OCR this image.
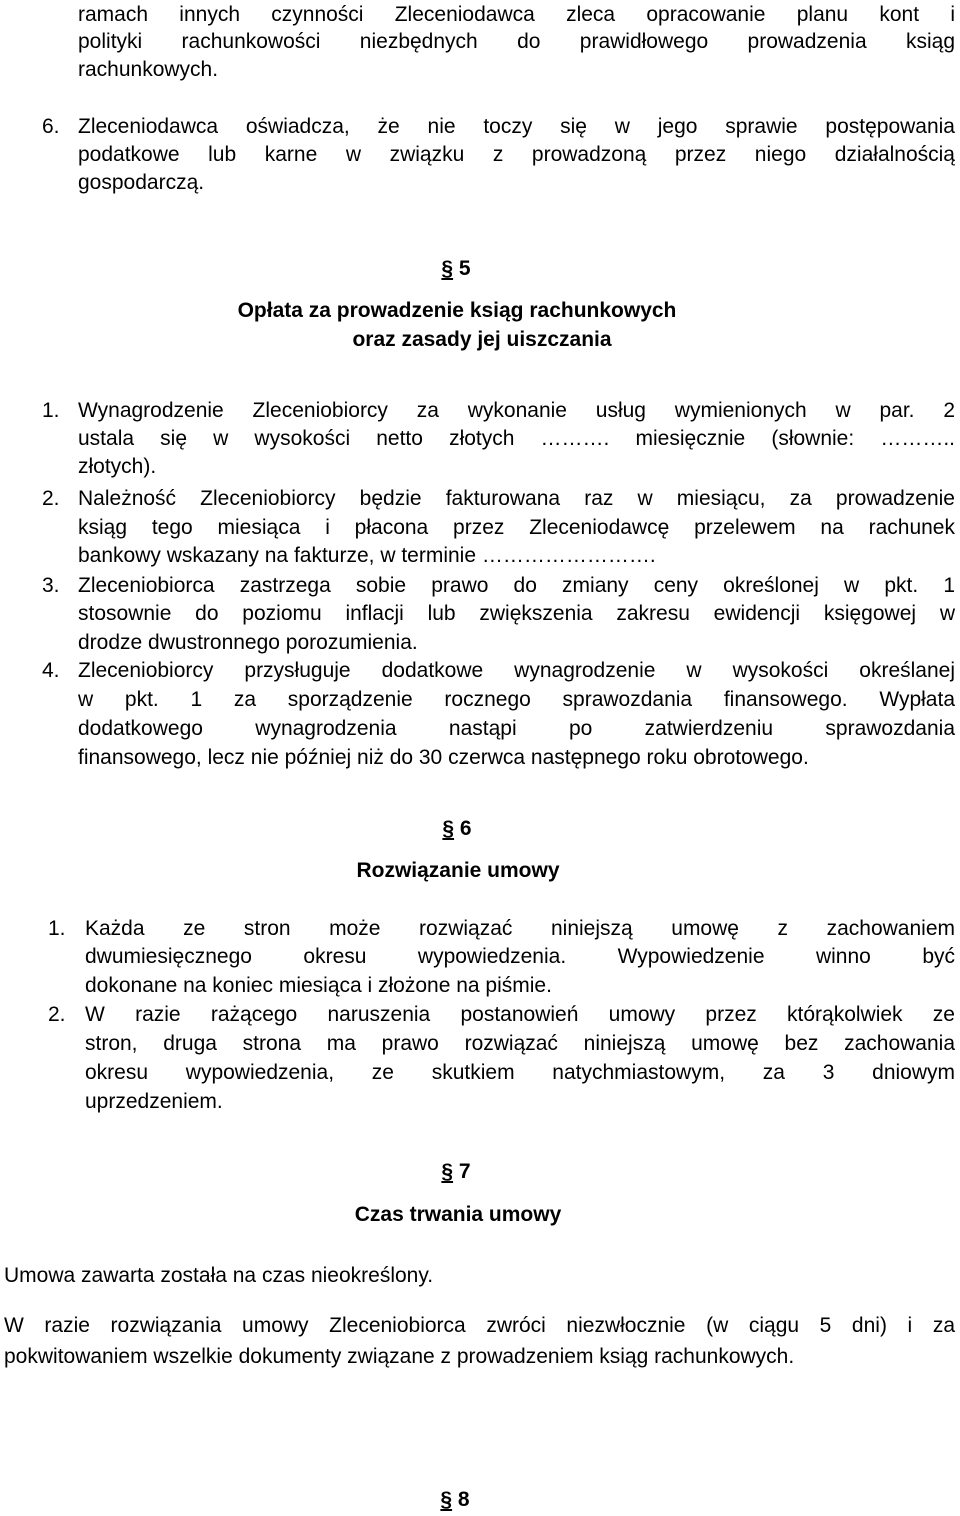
ramach innych czynności Zleceniodawca zleca opracowanie planu kont i

polityki rachunkowości niezbędnych do prawidłowego prowadzenia ksiąg

rachunkowych.

6. Zleceniodawca oświadcza, że nie toczy się w jego sprawie postępowania

podatkowe lub karne w związku z prowadzoną przez niego działalnością

gospodarczą.

§ 5

Opłata za prowadzenie ksiąg rachunkowych

oraz zasady jej uiszczania

1. Wynagrodzenie Zleceniobiorcy za wykonanie usług wymienionych w par. 2

ustala się w wysokości netto złotych ………. miesięcznie (słownie: ………..

złotych).

2. Należność Zleceniobiorcy będzie fakturowana raz w miesiącu, za prowadzenie

ksiąg tego miesiąca i płacona przez Zleceniodawcę przelewem na rachunek

bankowy wskazany na fakturze, w terminie …………………….

3. Zleceniobiorca zastrzega sobie prawo do zmiany ceny określonej w pkt. 1

stosownie do poziomu inflacji lub zwiększenia zakresu ewidencji księgowej w

drodze dwustronnego porozumienia.

4. Zleceniobiorcy przysługuje dodatkowe wynagrodzenie w wysokości określanej

w pkt. 1 za sporządzenie rocznego sprawozdania finansowego. Wypłata

dodatkowego wynagrodzenia nastąpi po zatwierdzeniu sprawozdania

finansowego, lecz nie później niż do 30 czerwca następnego roku obrotowego.

§ 6

Rozwiązanie umowy

1. Każda ze stron może rozwiązać niniejszą umowę z zachowaniem

dwumiesięcznego okresu wypowiedzenia. Wypowiedzenie winno być

dokonane na koniec miesiąca i złożone na piśmie.

2. W razie rażącego naruszenia postanowień umowy przez którąkolwiek ze

stron, druga strona ma prawo rozwiązać niniejszą umowę bez zachowania

okresu wypowiedzenia, ze skutkiem natychmiastowym, za 3 dniowym

uprzedzeniem.

§ 7

Czas trwania umowy

Umowa zawarta została na czas nieokreślony.

W razie rozwiązania umowy Zleceniobiorca zwróci niezwłocznie (w ciągu 5 dni) i za

pokwitowaniem wszelkie dokumenty związane z prowadzeniem ksiąg rachunkowych.

§ 8
